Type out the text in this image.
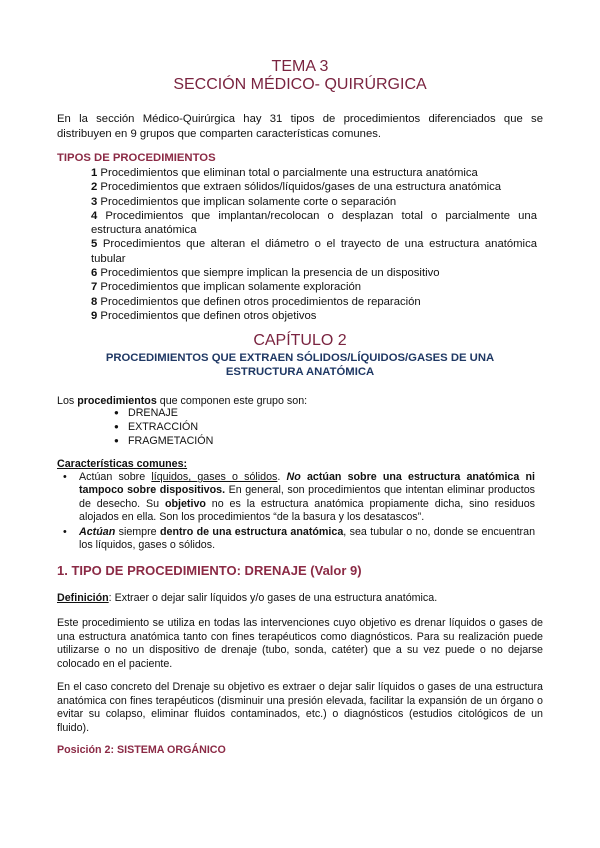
TEMA 3
SECCIÓN MÉDICO- QUIRÚRGICA
En la sección Médico-Quirúrgica hay 31 tipos de procedimientos diferenciados que se distribuyen en 9 grupos que comparten características comunes.
TIPOS DE PROCEDIMIENTOS
1 Procedimientos que eliminan total o parcialmente una estructura anatómica
2 Procedimientos que extraen sólidos/líquidos/gases de una estructura anatómica
3 Procedimientos que implican solamente corte o separación
4 Procedimientos que implantan/recolocan o desplazan total o parcialmente una estructura anatómica
5 Procedimientos que alteran el diámetro o el trayecto de una estructura anatómica tubular
6 Procedimientos que siempre implican la presencia de un dispositivo
7 Procedimientos que implican solamente exploración
8 Procedimientos que definen otros procedimientos de reparación
9 Procedimientos que definen otros objetivos
CAPÍTULO 2
PROCEDIMIENTOS QUE EXTRAEN SÓLIDOS/LÍQUIDOS/GASES DE UNA ESTRUCTURA ANATÓMICA
Los procedimientos que componen este grupo son:
● DRENAJE
● EXTRACCIÓN
● FRAGMETACIÓN
Características comunes:
• Actúan sobre líquidos, gases o sólidos. No actúan sobre una estructura anatómica ni tampoco sobre dispositivos. En general, son procedimientos que intentan eliminar productos de desecho. Su objetivo no es la estructura anatómica propiamente dicha, sino residuos alojados en ella. Son los procedimientos “de la basura y los desatascos”.
• Actúan siempre dentro de una estructura anatómica, sea tubular o no, donde se encuentran los líquidos, gases o sólidos.
1. TIPO DE PROCEDIMIENTO: DRENAJE (Valor 9)
Definición: Extraer o dejar salir líquidos y/o gases de una estructura anatómica.
Este procedimiento se utiliza en todas las intervenciones cuyo objetivo es drenar líquidos o gases de una estructura anatómica tanto con fines terapéuticos como diagnósticos. Para su realización puede utilizarse o no un dispositivo de drenaje (tubo, sonda, catéter) que a su vez puede o no dejarse colocado en el paciente.
En el caso concreto del Drenaje su objetivo es extraer o dejar salir líquidos o gases de una estructura anatómica con fines terapéuticos (disminuir una presión elevada, facilitar la expansión de un órgano o evitar su colapso, eliminar fluidos contaminados, etc.) o diagnósticos (estudios citológicos de un fluido).
Posición 2: SISTEMA ORGÁNICO
